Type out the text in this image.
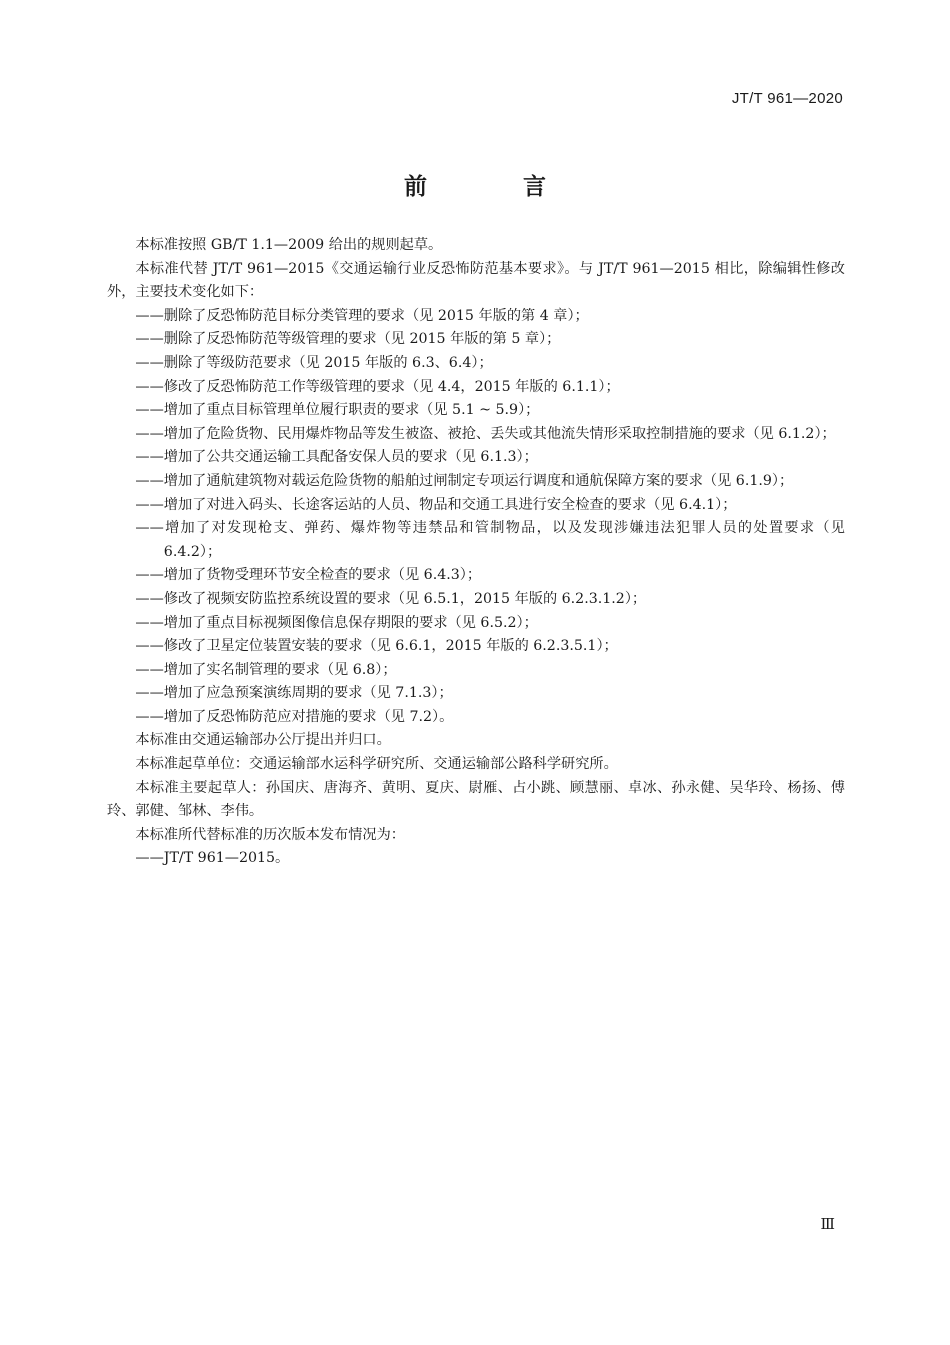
JT/T 961—2020
前 言

本标准按照 GB/T 1.1—2009 给出的规则起草。

本标准代替 JT/T 961—2015《交通运输行业反恐怖防范基本要求》。与 JT/T 961—2015 相比，除编辑性修改外，主要技术变化如下：

——删除了反恐怖防范目标分类管理的要求（见 2015 年版的第 4 章）；

——删除了反恐怖防范等级管理的要求（见 2015 年版的第 5 章）；

——删除了等级防范要求（见 2015 年版的 6.3、6.4）；

——修改了反恐怖防范工作等级管理的要求（见 4.4，2015 年版的 6.1.1）；

——增加了重点目标管理单位履行职责的要求（见 5.1 ~ 5.9）；

——增加了危险货物、民用爆炸物品等发生被盗、被抢、丢失或其他流失情形采取控制措施的要求（见 6.1.2）；

——增加了公共交通运输工具配备安保人员的要求（见 6.1.3）；

——增加了通航建筑物对载运危险货物的船舶过闸制定专项运行调度和通航保障方案的要求（见 6.1.9）；

——增加了对进入码头、长途客运站的人员、物品和交通工具进行安全检查的要求（见 6.4.1）；

——增加了对发现枪支、弹药、爆炸物等违禁品和管制物品，以及发现涉嫌违法犯罪人员的处置要求（见 6.4.2）；

——增加了货物受理环节安全检查的要求（见 6.4.3）；

——修改了视频安防监控系统设置的要求（见 6.5.1，2015 年版的 6.2.3.1.2）；

——增加了重点目标视频图像信息保存期限的要求（见 6.5.2）；

——修改了卫星定位装置安装的要求（见 6.6.1，2015 年版的 6.2.3.5.1）；

——增加了实名制管理的要求（见 6.8）；

——增加了应急预案演练周期的要求（见 7.1.3）；

——增加了反恐怖防范应对措施的要求（见 7.2）。

本标准由交通运输部办公厅提出并归口。

本标准起草单位：交通运输部水运科学研究所、交通运输部公路科学研究所。

本标准主要起草人：孙国庆、唐海齐、黄明、夏庆、尉雁、占小跳、顾慧丽、卓冰、孙永健、吴华玲、杨扬、傅玲、郭健、邹林、李伟。

本标准所代替标准的历次版本发布情况为：

——JT/T 961—2015。

Ⅲ
